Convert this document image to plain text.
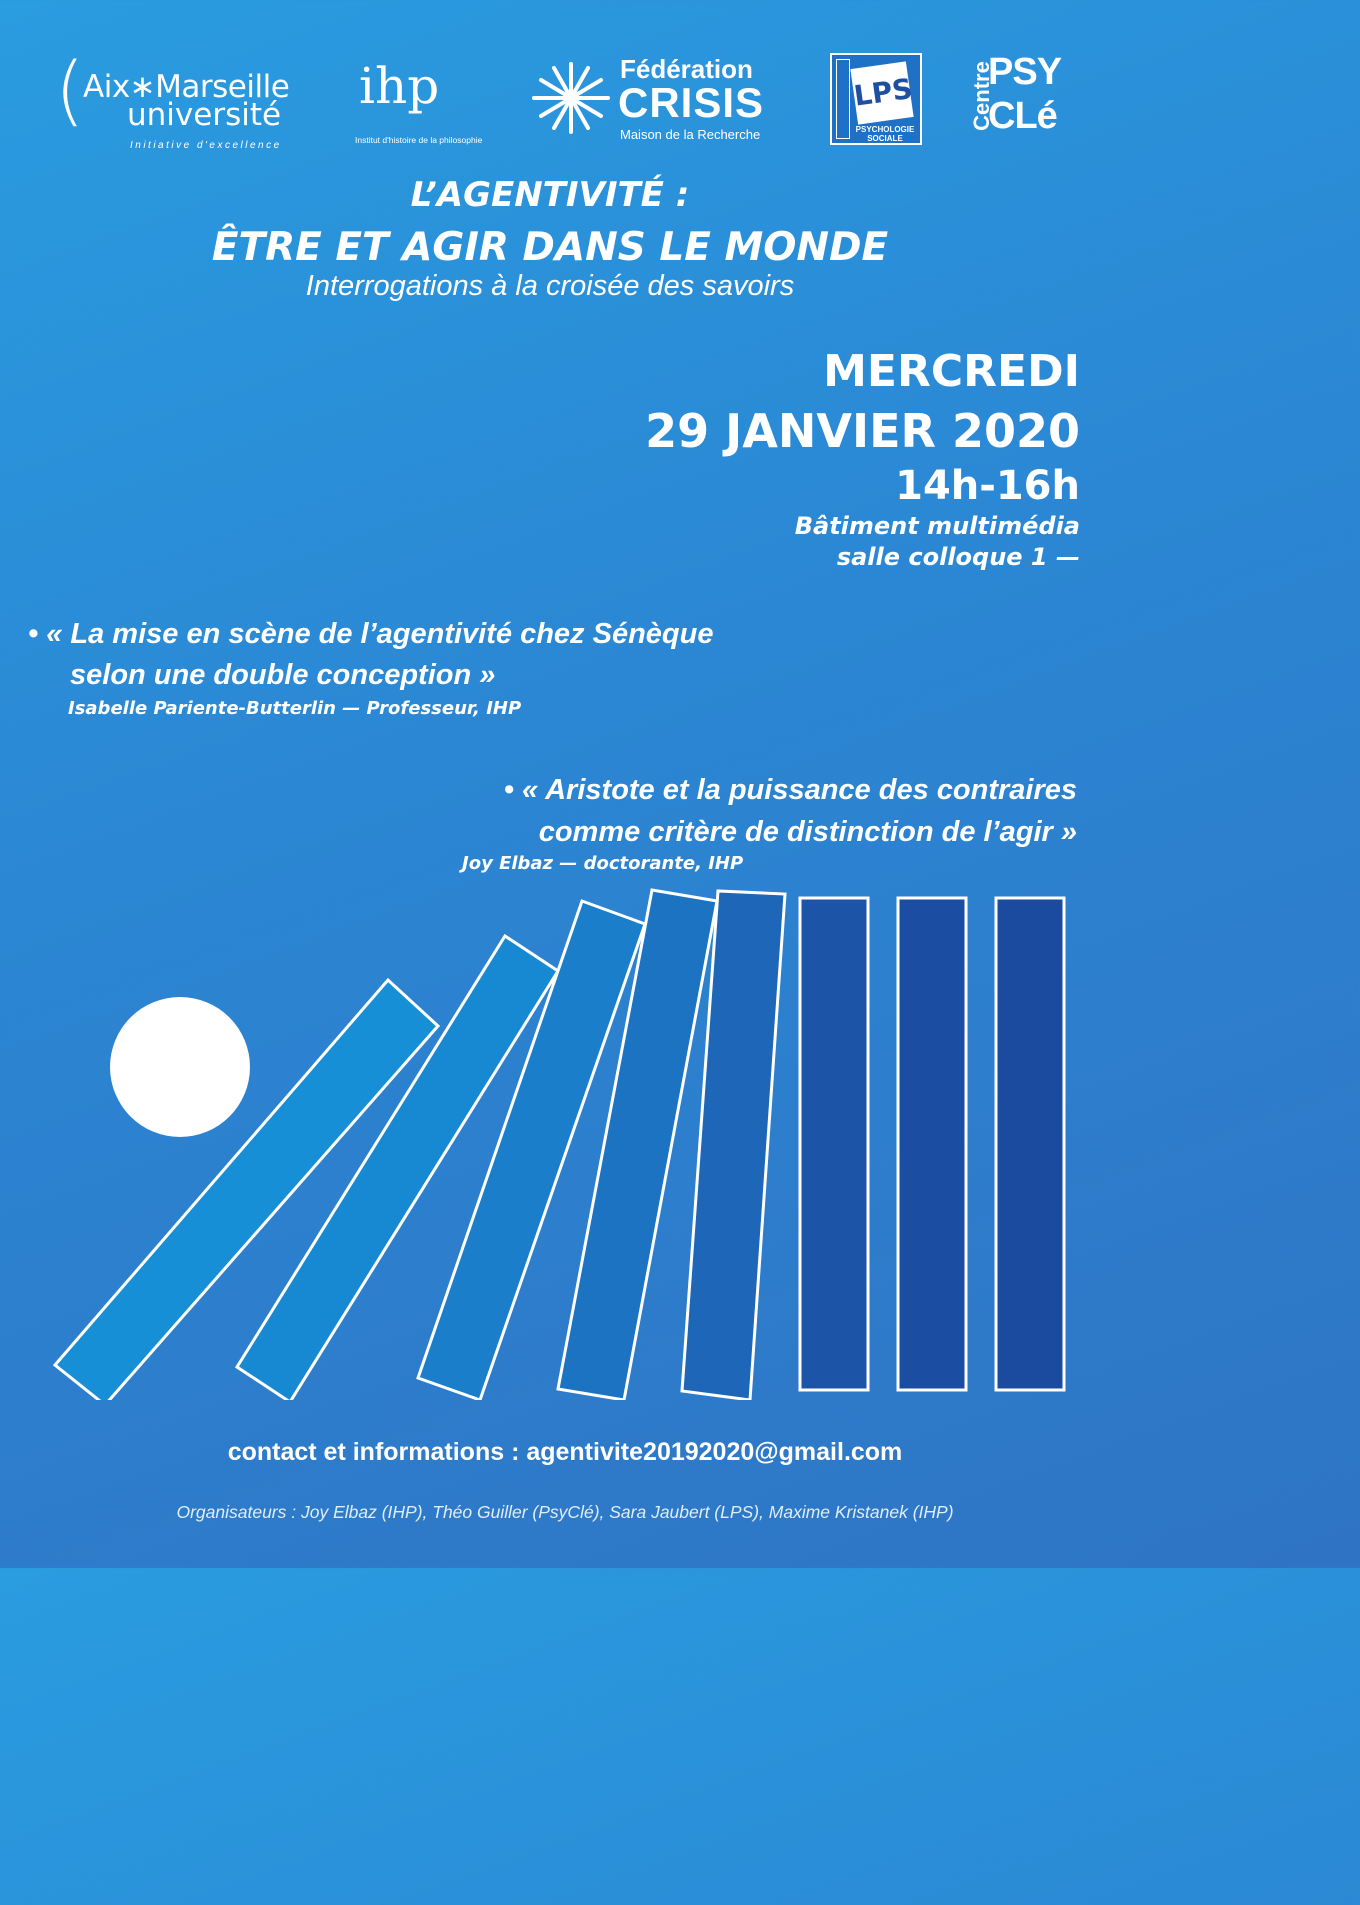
(
Aix∗Marseille
université
Initiative d'excellence
ihp
Institut d'histoire de la philosophie
Fédération
CRISIS
Maison de la Recherche
LPS
PSYCHOLOGIE SOCIALE
Centre
PSY
CLé
L’AGENTIVITÉ :
ÊTRE ET AGIR DANS LE MONDE
Interrogations à la croisée des savoirs
MERCREDI
29 JANVIER 2020
14h-16h
Bâtiment multimédia
salle colloque 1 —
• « La mise en scène de l’agentivité chez Sénèque
selon une double conception »
Isabelle Pariente-Butterlin — Professeur, IHP
• « Aristote et la puissance des contraires
comme critère de distinction de l’agir »
Joy Elbaz — doctorante, IHP
contact et informations : agentivite20192020@gmail.com
Organisateurs : Joy Elbaz (IHP), Théo Guiller (PsyClé), Sara Jaubert (LPS), Maxime Kristanek (IHP)
